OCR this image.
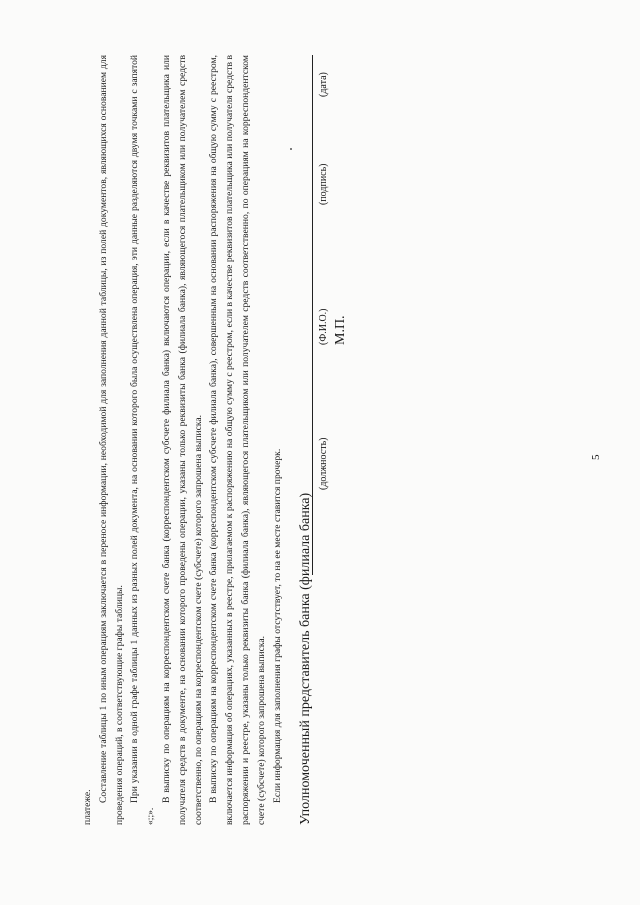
5

платеже.

Составление таблицы 1 по иным операциям заключается в переносе информации, необходимой для заполнения данной таблицы, из полей документов, являющихся основанием для проведения операций, в соответствующие графы таблицы. При указании в одной графе таблицы 1 данных из разных полей документа, на основании которого была осуществлена операция, эти данные разделяются двумя точками с запятой «;;».

В выписку по операциям на корреспондентском счете банка (корреспондентском субсчете филиала банка) включаются операции, если в качестве реквизитов плательщика или получателя средств в документе, на основании которого проведены операции, указаны только реквизиты банка (филиала банка), являющегося плательщиком или получателем средств соответственно, по операциям на корреспондентском счете (субсчете) которого запрошена выписка. В выписку по операциям на корреспондентском счете банка (корреспондентском субсчете филиала банка), совершенным на основании распоряжения на общую сумму с реестром, включается информация об операциях, указанных в реестре, прилагаемом к распоряжению на общую сумму с реестром, если в качестве реквизитов плательщика или получателя средств в распоряжении и реестре, указаны только реквизиты банка (филиала банка), являющегося плательщиком или получателем средств соответственно, по операциям на корреспондентском счете (субсчете) которого запрошена выписка. Если информация для заполнения графы отсутствует, то на ее месте ставится прочерк. Уполномоченный представитель банка (филиала банка)
(должность)
(Ф.И.О.)
(подпись)
(дата)
М.П.
